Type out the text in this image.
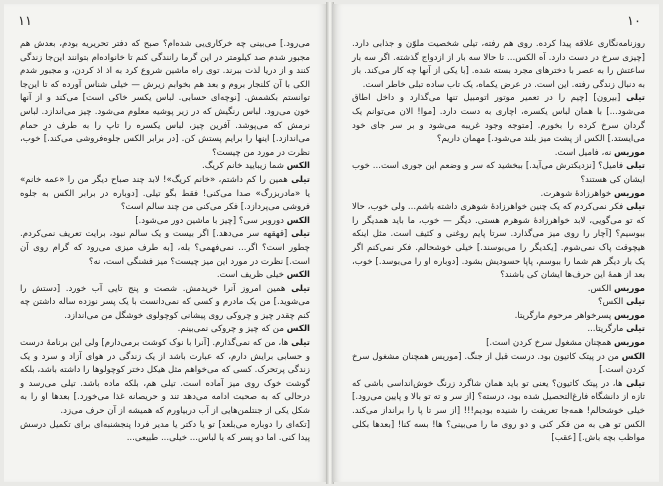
۱۱

می‌رود.] می‌بینی چه خرکاری‌یی شده‌ام؟ صبح که دفتر تحریریه بودم، بعدش هم مجبور شدم صد کیلومتر در این گرما رانندگی کنم تا خانواده‌ام بتوانند این‌جا زندگی کنند و از دریا لذت ببرند. توی راه ماشین شروع کرد به اذ‌ اذ‌ کردن، و مجبور شدم الکی با آن کلنجار بروم و بعد هم بخوابم زیرش — خیلی شناس آورده که تا این‌جا توانستم بکشمش. [نوچه‌ای حسابی. لباس یکسر خاکی است] می‌کند و از آنها خون می‌رود. لباس رنگیش که در زیر پوشیه معلوم می‌شود. چیز می‌اندازد. لباس نرمش که می‌پوشد. آفرین چیز، لباس یکسره را تاپ را به طرف درِ حمام می‌اندازد.] اینها را برایم پستش کن. [در برابر الکس جلوه‌فروشی می‌کند.] خوب، نظرت در مورد من چیست؟

الکس شما زیبایید خانم کریگ.

تیلی همین را کم داشتم، «خانم کریگ»! لابد چند صباح دیگر من را «عمه خانم» یا «مادربزرگ» صدا می‌کنی! فقط بگو تیلی. [دوباره در برابر الکس به جلوه فروشی می‌پردازد.] فکر می‌کنی من چند سالم است؟

الکس دوروبر سی؟ [چیز با ماشین دور می‌شود.]

تیلی [قهقهه سر می‌دهد.] اگر بیست و یک سالم نبود، برایت تعریف نمی‌کردم. چطور است؟ اگر... نمی‌فهمی؟ بله، [به طرف میزی می‌رود که گرام روی آن است.] نظرت در مورد این میز چیست؟ میز فشنگی است، نه؟

الکس خیلی ظریف است.

تیلی همین امروز آنرا خریدمش. شصت و پنج تایی آب خورد. [دستش را می‌شوید.] من یک مادرم و کسی که نمی‌دانست با یک پسر نوزده ساله داشتن چه کنم چقدر چیز و چروکی روی پیشانی کوچولوی خوشگل من می‌اندازد.

الکس من که چیز و چروکی نمی‌بینم.

تیلی ها، من که نمی‌گذارم. [آنرا با نوک کوشت برمی‌دارم] ولی این برنامهٔ درست و حسابی برایش دارم، که عبارت باشد از یک زندگی در هوای آزاد و سرد و یک زندگی پرتحرک. کسی که می‌خواهم مثل هیکل دختر کوچولوها را داشته باشد، بلکه گوشت خوک روی میز آماده است. تیلی هم، بلکه ماده باشد. تیلی می‌رسد و درحالی که به صحبت ادامه می‌دهد تند و حریصانه غذا می‌خورد.] بعدها او را به شکل یکی از جنتلمن‌هایی از آب دربیاورم که همیشه از آن حرف می‌زد.

[تکه‌ای را دوباره می‌بلعد] تو یا دکتر یا مدیر فردا پنجشنبه‌ای برای تکمیل درسش پیدا کنی. اما دو پسر که یا لباس... خیلی... طبیعی...

۱۰

روزنامه‌نگاری علاقه پیدا کرده. روی هم رفته، تیلی شخصیت ملوّن و جذابی دارد. [چیزی سرخ در دست دارد. آه الکس... تا حالا سه بار از ازدواج گذشته. اگر سه بار ساعتش را به عصر با دخترهای مجرد بسته شده. [با یکی از آنها چه کار می‌کند. باز به دنبال زندگی رفته. این است. در عرض یکماه، یک تاب ساده تبلی خاطر است.

تیلی [بیرون] [چیم را در تعمیر موتور اتومبیل تنها می‌گذارد و داخل اطاق می‌شود...] با همان لباس یکسره، اچاری به دست دارد. [موا! الان می‌توانم یک گردان سرخ کرده را بخورم. [متوجه وجود غریبه می‌شود و بر سر جای خود می‌ایستد.] الکس از پشت میز بلند می‌شود.] مهمان داریم؟

موریس نه، فامیل است.

تیلی فامیل؟ [نزدیکترش می‌آید.] ببخشید که سر و وضعم این جوری است... خوب ایشان کی هستند؟

موریس خواهرزادهٔ شوهرت.

تیلی فکر نمی‌کردم که یک چنین خواهرزادهٔ شوهری داشته باشم... ولی خوب، حالا که تو می‌گویی، لابد خواهرزادهٔ شوهرم هستی. دیگر — خوب، ما باید همدیگر را ببوسیم؟ [آچار را روی میز می‌گذارد. سرتا پایم روغنی و کثیف است. مثل اینکه هیچوقت پاک نمی‌شوم. [یکدیگر را می‌بوسند.] خیلی خوشحالم. فکر نمی‌کنم اگر یک بار دیگر هم شما را ببوسم، پاپا حسودیش بشود. [دوباره او را می‌بوسد.] خوب، بعد از همهٔ این حرف‌ها ایشان کی باشند؟

موریس الکس.

تیلی الکس؟

موریس پسرخواهر مرحوم مارگریتا.

تیلی مارگریتا...

موریس همچنان مشغول سرخ کردن است.]

الکس من در پیتک کاتیون بود. درست قبل از جنگ. [موریس همچنان مشغول سرخ کردن است.]

تیلی ها، در پیتک کاتیون؟ یعنی تو باید همان شاگرد زرنگ خوش‌انداسی باشی که تازه از دانشگاه فارغ‌التحصیل شده بود، درسته؟ [از سر و ته تو بالا و پایین می‌رود.] خیلی خوشحالم! همه‌جا تعریفت را شنیده بودیم!!! [از سر تا پا را برانداز می‌کند. الکس تو هی به من فکر کنی و دو روی ما را می‌بینی؟ ها! بسه کنا! [بعدها بکلی مواظب بچه باش.] [عقب]
